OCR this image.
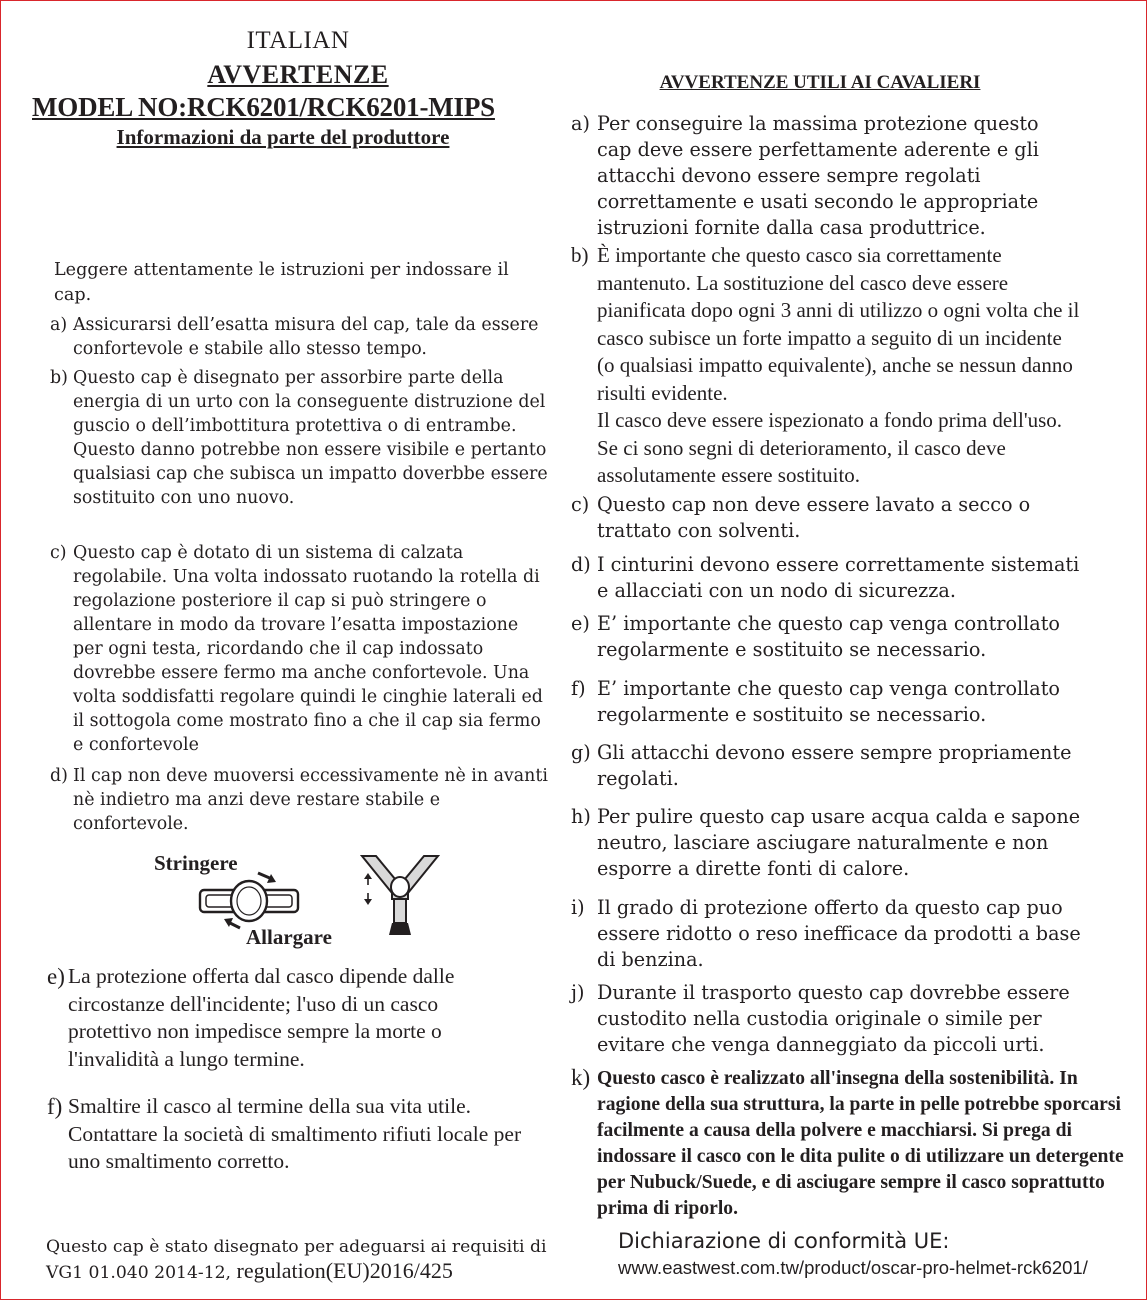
ITALIAN
AVVERTENZE
MODEL NO:RCK6201/RCK6201-MIPS
Informazioni da parte del produttore
AVVERTENZE UTILI AI CAVALIERI
Leggere attentamente le istruzioni per indossare il cap.
a) Assicurarsi dell’esatta misura del cap, tale da essere confortevole e stabile allo stesso tempo.
b) Questo cap è disegnato per assorbire parte della energia di un urto con la conseguente distruzione del guscio o dell’imbottitura protettiva o di entrambe. Questo danno potrebbe non essere visibile e pertanto qualsiasi cap che subisca un impatto doverbbe essere sostituito con uno nuovo.
c) Questo cap è dotato di un sistema di calzata regolabile. Una volta indossato ruotando la rotella di regolazione posteriore il cap si può stringere o allentare in modo da trovare l’esatta impostazione per ogni testa, ricordando che il cap indossato dovrebbe essere fermo ma anche confortevole. Una volta soddisfatti regolare quindi le cinghie laterali ed il sottogola come mostrato fino a che il cap sia fermo e confortevole
d) Il cap non deve muoversi eccessivamente nè in avanti nè indietro ma anzi deve restare stabile e confortevole.
Stringere
Allargare
e) La protezione offerta dal casco dipende dalle circostanze dell'incidente; l'uso di un casco protettivo non impedisce sempre la morte o l'invalidità a lungo termine.
f) Smaltire il casco al termine della sua vita utile. Contattare la società di smaltimento rifiuti locale per uno smaltimento corretto.
Questo cap è stato disegnato per adeguarsi ai requisiti di
VG1 01.040 2014-12, regulation(EU)2016/425
a) Per conseguire la massima protezione questo cap deve essere perfettamente aderente e gli attacchi devono essere sempre regolati correttamente e usati secondo le appropriate istruzioni fornite dalla casa produttrice.
b) È importante che questo casco sia correttamente mantenuto. La sostituzione del casco deve essere pianificata dopo ogni 3 anni di utilizzo o ogni volta che il casco subisce un forte impatto a seguito di un incidente (o qualsiasi impatto equivalente), anche se nessun danno risulti evidente.
Il casco deve essere ispezionato a fondo prima dell'uso. Se ci sono segni di deterioramento, il casco deve assolutamente essere sostituito.
c) Questo cap non deve essere lavato a secco o trattato con solventi.
d) I cinturini devono essere correttamente sistemati e allacciati con un nodo di sicurezza.
e) E’ importante che questo cap venga controllato regolarmente e sostituito se necessario.
f) E’ importante che questo cap venga controllato regolarmente e sostituito se necessario.
g) Gli attacchi devono essere sempre propriamente regolati.
h) Per pulire questo cap usare acqua calda e sapone neutro, lasciare asciugare naturalmente e non esporre a dirette fonti di calore.
i) Il grado di protezione offerto da questo cap puo essere ridotto o reso inefficace da prodotti a base di benzina.
j) Durante il trasporto questo cap dovrebbe essere custodito nella custodia originale o simile per evitare che venga danneggiato da piccoli urti.
k) Questo casco è realizzato all'insegna della sostenibilità. In ragione della sua struttura, la parte in pelle potrebbe sporcarsi facilmente a causa della polvere e macchiarsi. Si prega di indossare il casco con le dita pulite o di utilizzare un detergente per Nubuck/Suede, e di asciugare sempre il casco soprattutto prima di riporlo.
Dichiarazione di conformità UE:
www.eastwest.com.tw/product/oscar-pro-helmet-rck6201/
